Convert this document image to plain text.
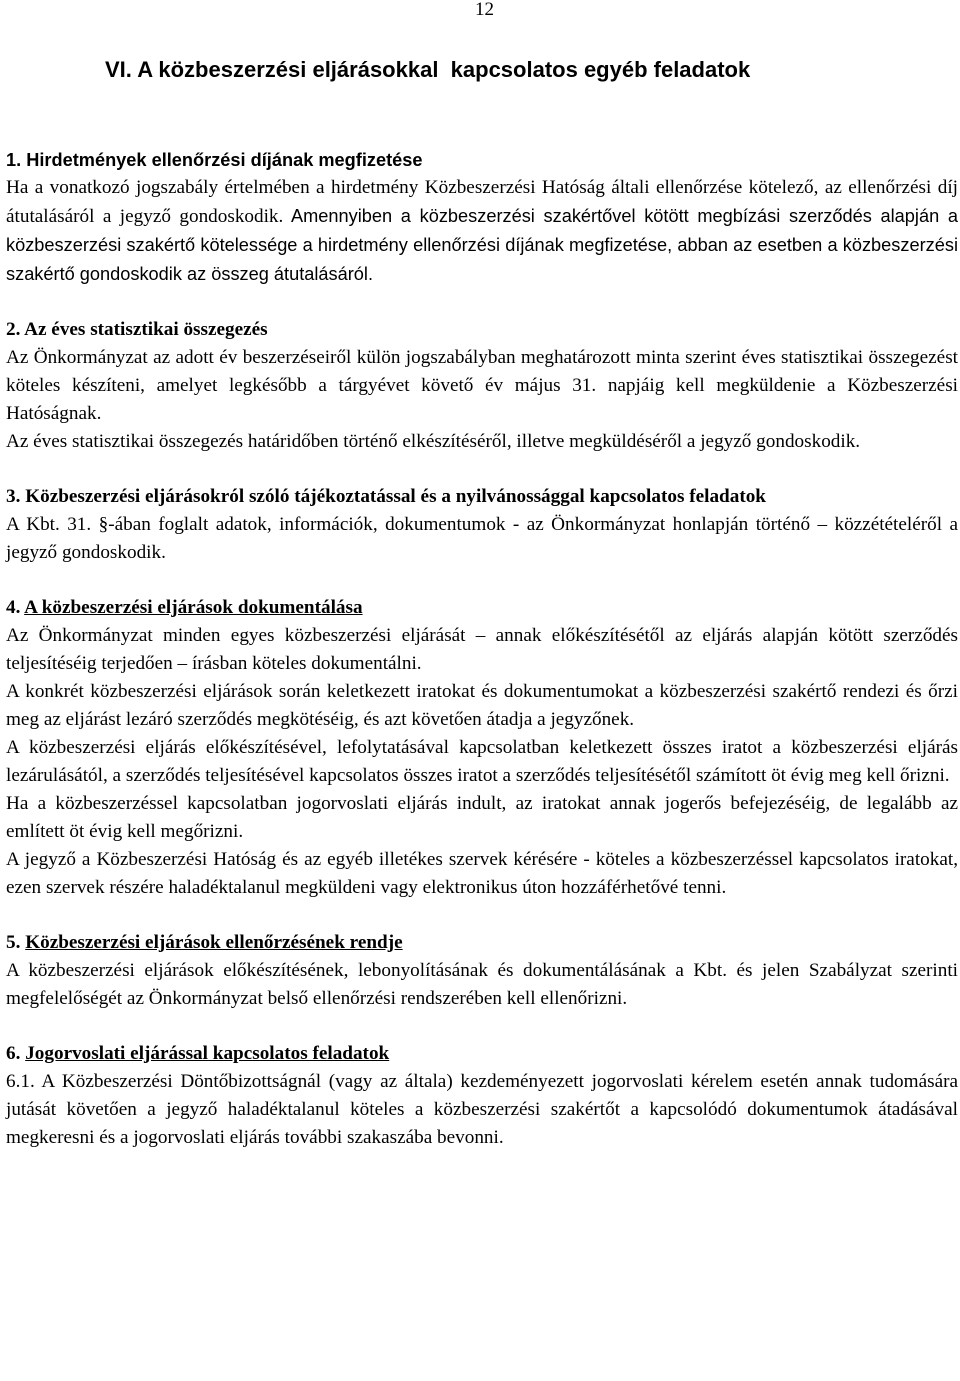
12
VI. A közbeszerzési eljárásokkal  kapcsolatos egyéb feladatok

1. Hirdetmények ellenőrzési díjának megfizetése

Ha a vonatkozó jogszabály értelmében a hirdetmény Közbeszerzési Hatóság általi ellenőrzése kötelező, az ellenőrzési díj átutalásáról a jegyző gondoskodik. Amennyiben a közbeszerzési szakértővel kötött megbízási szerződés alapján a közbeszerzési szakértő kötelessége a hirdetmény ellenőrzési díjának megfizetése, abban az esetben a közbeszerzési szakértő gondoskodik az összeg átutalásáról.

2. Az éves statisztikai összegezés

Az Önkormányzat az adott év beszerzéseiről külön jogszabályban meghatározott minta szerint éves statisztikai összegezést köteles készíteni, amelyet legkésőbb a tárgyévet követő év május 31. napjáig kell megküldenie a Közbeszerzési Hatóságnak.

Az éves statisztikai összegezés határidőben történő elkészítéséről, illetve megküldéséről a jegyző gondoskodik.

3. Közbeszerzési eljárásokról szóló tájékoztatással és a nyilvánossággal kapcsolatos feladatok

A Kbt. 31. §-ában foglalt adatok, információk, dokumentumok - az Önkormányzat honlapján történő – közzétételéről a jegyző gondoskodik.

4. A közbeszerzési eljárások dokumentálása

Az Önkormányzat minden egyes közbeszerzési eljárását – annak előkészítésétől az eljárás alapján kötött szerződés teljesítéséig terjedően – írásban köteles dokumentálni.

A konkrét közbeszerzési eljárások során keletkezett iratokat és dokumentumokat a közbeszerzési szakértő rendezi és őrzi meg az eljárást lezáró szerződés megkötéséig, és azt követően átadja a jegyzőnek.

A közbeszerzési eljárás előkészítésével, lefolytatásával kapcsolatban keletkezett összes iratot a közbeszerzési eljárás lezárulásától, a szerződés teljesítésével kapcsolatos összes iratot a szerződés teljesítésétől számított öt évig meg kell őrizni.

Ha a közbeszerzéssel kapcsolatban jogorvoslati eljárás indult, az iratokat annak jogerős befejezéséig, de legalább az említett öt évig kell megőrizni.

A jegyző a Közbeszerzési Hatóság és az egyéb illetékes szervek kérésére - köteles a közbeszerzéssel kapcsolatos iratokat, ezen szervek részére haladéktalanul megküldeni vagy elektronikus úton hozzáférhetővé tenni.

5. Közbeszerzési eljárások ellenőrzésének rendje

A közbeszerzési eljárások előkészítésének, lebonyolításának és dokumentálásának a Kbt. és jelen Szabályzat szerinti megfelelőségét az Önkormányzat belső ellenőrzési rendszerében kell ellenőrizni.

6. Jogorvoslati eljárással kapcsolatos feladatok

6.1. A Közbeszerzési Döntőbizottságnál (vagy az általa) kezdeményezett jogorvoslati kérelem esetén annak tudomására jutását követően a jegyző haladéktalanul köteles a közbeszerzési szakértőt a kapcsolódó dokumentumok átadásával megkeresni és a jogorvoslati eljárás további szakaszába bevonni.
